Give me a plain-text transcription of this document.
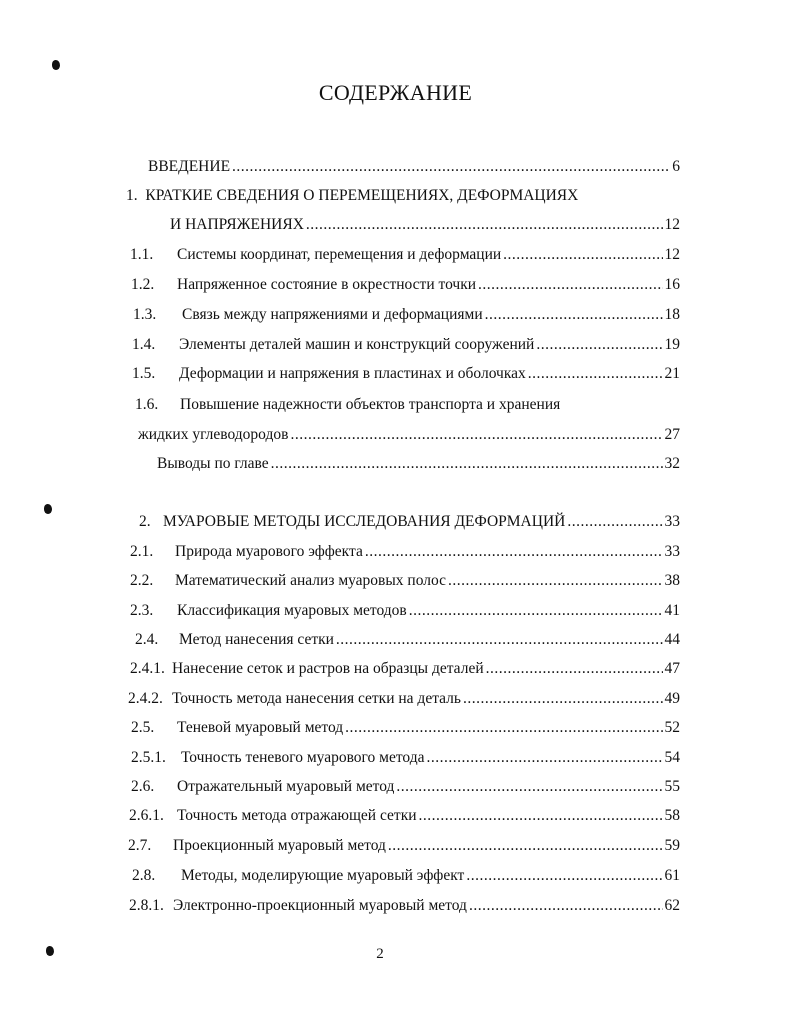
СОДЕРЖАНИЕ
ВВЕДЕНИЕ .....	6
1. КРАТКИЕ СВЕДЕНИЯ О ПЕРЕМЕЩЕНИЯХ, ДЕФОРМАЦИЯХ
И НАПРЯЖЕНИЯХ .....	12
1.1.	Системы координат, перемещения и деформации .....	12
1.2.	Напряженное состояние в окрестности точки .....	16
1.3.	Связь между напряжениями и деформациями .....	18
1.4.	Элементы деталей машин и конструкций сооружений .....	19
1.5.	Деформации и напряжения в пластинах и оболочках .....	21
1.6. Повышение надежности объектов транспорта и хранения
жидких углеводородов .....	27
Выводы по главе .....	32
2. МУАРОВЫЕ МЕТОДЫ ИССЛЕДОВАНИЯ ДЕФОРМАЦИЙ .....	33
2.1.	Природа муарового эффекта .....	33
2.2.	Математический анализ муаровых полос .....	38
2.3.	Классификация муаровых методов .....	41
2.4.	Метод нанесения сетки .....	44
2.4.1. Нанесение сеток и растров на образцы деталей .....	47
2.4.2. Точность метода нанесения сетки на деталь .....	49
2.5.	Теневой муаровый метод .....	52
2.5.1. Точность теневого муарового метода .....	54
2.6.	Отражательный муаровый метод .....	55
2.6.1. Точность метода отражающей сетки .....	58
2.7.	Проекционный муаровый метод .....	59
2.8.	Методы, моделирующие муаровый эффект .....	61
2.8.1. Электронно-проекционный муаровый метод .....	62
2
